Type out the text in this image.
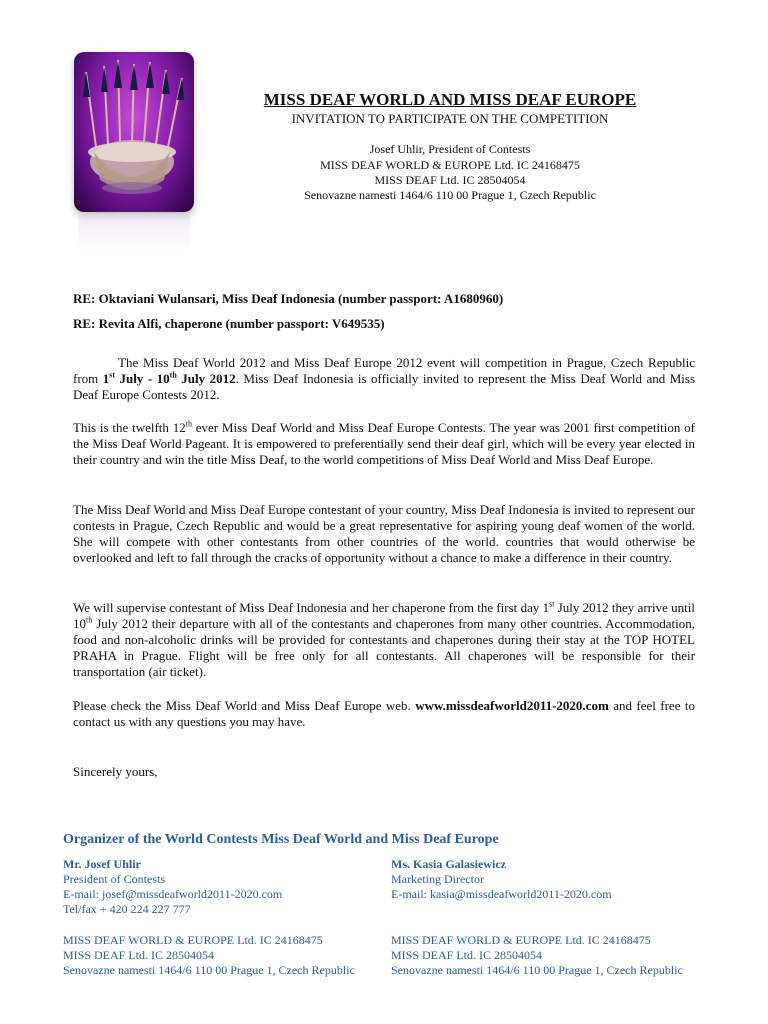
MISS DEAF WORLD AND MISS DEAF EUROPE
INVITATION TO PARTICIPATE ON THE COMPETITION
Josef Uhlir, President of Contests
MISS DEAF WORLD & EUROPE Ltd. IC 24168475
MISS DEAF Ltd. IC 28504054
Senovazne namesti 1464/6 110 00 Prague 1, Czech Republic
RE: Oktaviani Wulansari, Miss Deaf Indonesia (number passport: A1680960)
RE: Revita Alfi, chaperone (number passport: V649535)

The Miss Deaf World 2012 and Miss Deaf Europe 2012 event will competition in Prague, Czech Republic from 1st July - 10th July 2012. Miss Deaf Indonesia is officially invited to represent the Miss Deaf World and Miss Deaf Europe Contests 2012.

This is the twelfth 12th ever Miss Deaf World and Miss Deaf Europe Contests. The year was 2001 first competition of the Miss Deaf World Pageant. It is empowered to preferentially send their deaf girl, which will be every year elected in their country and win the title Miss Deaf, to the world competitions of Miss Deaf World and Miss Deaf Europe.

The Miss Deaf World and Miss Deaf Europe contestant of your country, Miss Deaf Indonesia is invited to represent our contests in Prague, Czech Republic and would be a great representative for aspiring young deaf women of the world. She will compete with other contestants from other countries of the world. countries that would otherwise be overlooked and left to fall through the cracks of opportunity without a chance to make a difference in their country.

We will supervise contestant of Miss Deaf Indonesia and her chaperone from the first day 1st July 2012 they arrive until 10th July 2012 their departure with all of the contestants and chaperones from many other countries. Accommodation, food and non-alcoholic drinks will be provided for contestants and chaperones during their stay at the TOP HOTEL PRAHA in Prague. Flight will be free only for all contestants. All chaperones will be responsible for their transportation (air ticket).

Please check the Miss Deaf World and Miss Deaf Europe web. www.missdeafworld2011-2020.com and feel free to contact us with any questions you may have.

Sincerely yours,

Organizer of the World Contests Miss Deaf World and Miss Deaf Europe
Mr. Josef Uhlir
President of Contests
E-mail: josef@missdeafworld2011-2020.com
Tel/fax + 420 224 227 777
MISS DEAF WORLD & EUROPE Ltd. IC 24168475
MISS DEAF Ltd. IC 28504054
Senovazne namesti 1464/6 110 00 Prague 1, Czech Republic
Ms. Kasia Galasiewicz
Marketing Director
E-mail: kasia@missdeafworld2011-2020.com
MISS DEAF WORLD & EUROPE Ltd. IC 24168475
MISS DEAF Ltd. IC 28504054
Senovazne namesti 1464/6 110 00 Prague 1, Czech Republic
